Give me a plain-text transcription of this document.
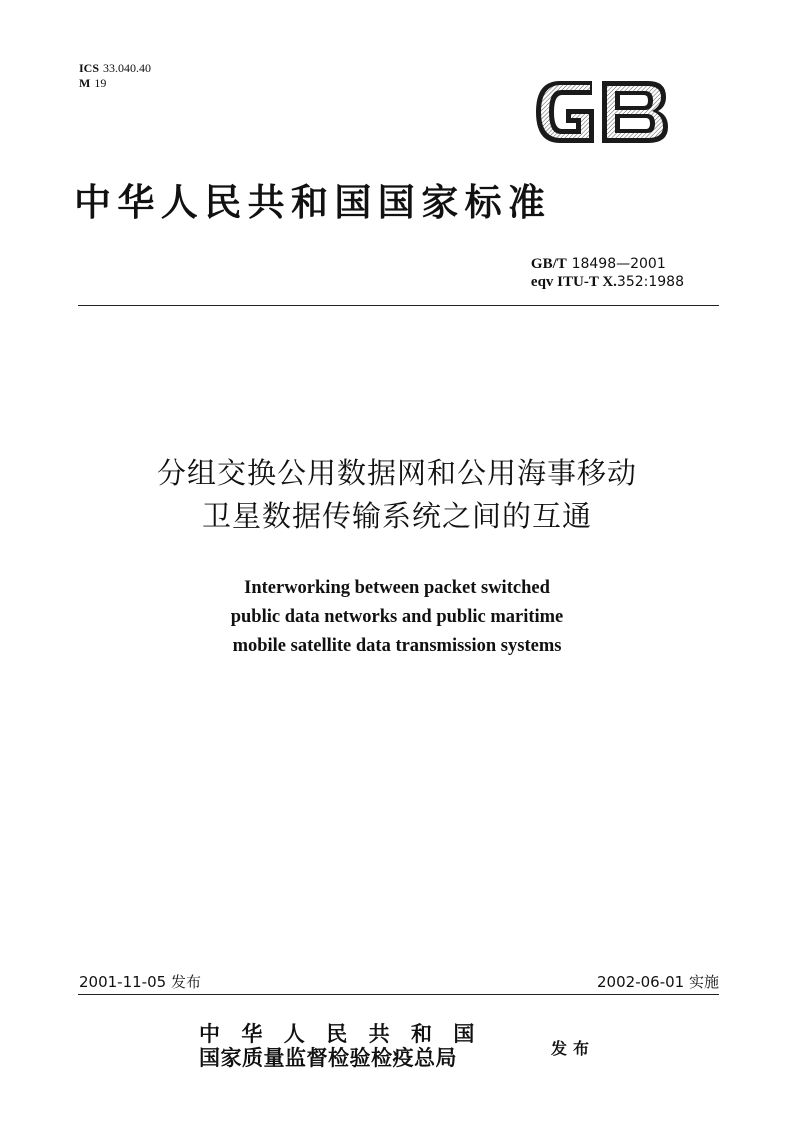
ICS 33.040.40
M 19
中华人民共和国国家标准
GB/T 18498—2001
eqv ITU-T X.352:1988
分组交换公用数据网和公用海事移动
卫星数据传输系统之间的互通
Interworking between packet switched
public data networks and public maritime
mobile satellite data transmission systems
2001-11-05 发布	2002-06-01 实施
中华人民共和国
国家质量监督检验检疫总局	发布
